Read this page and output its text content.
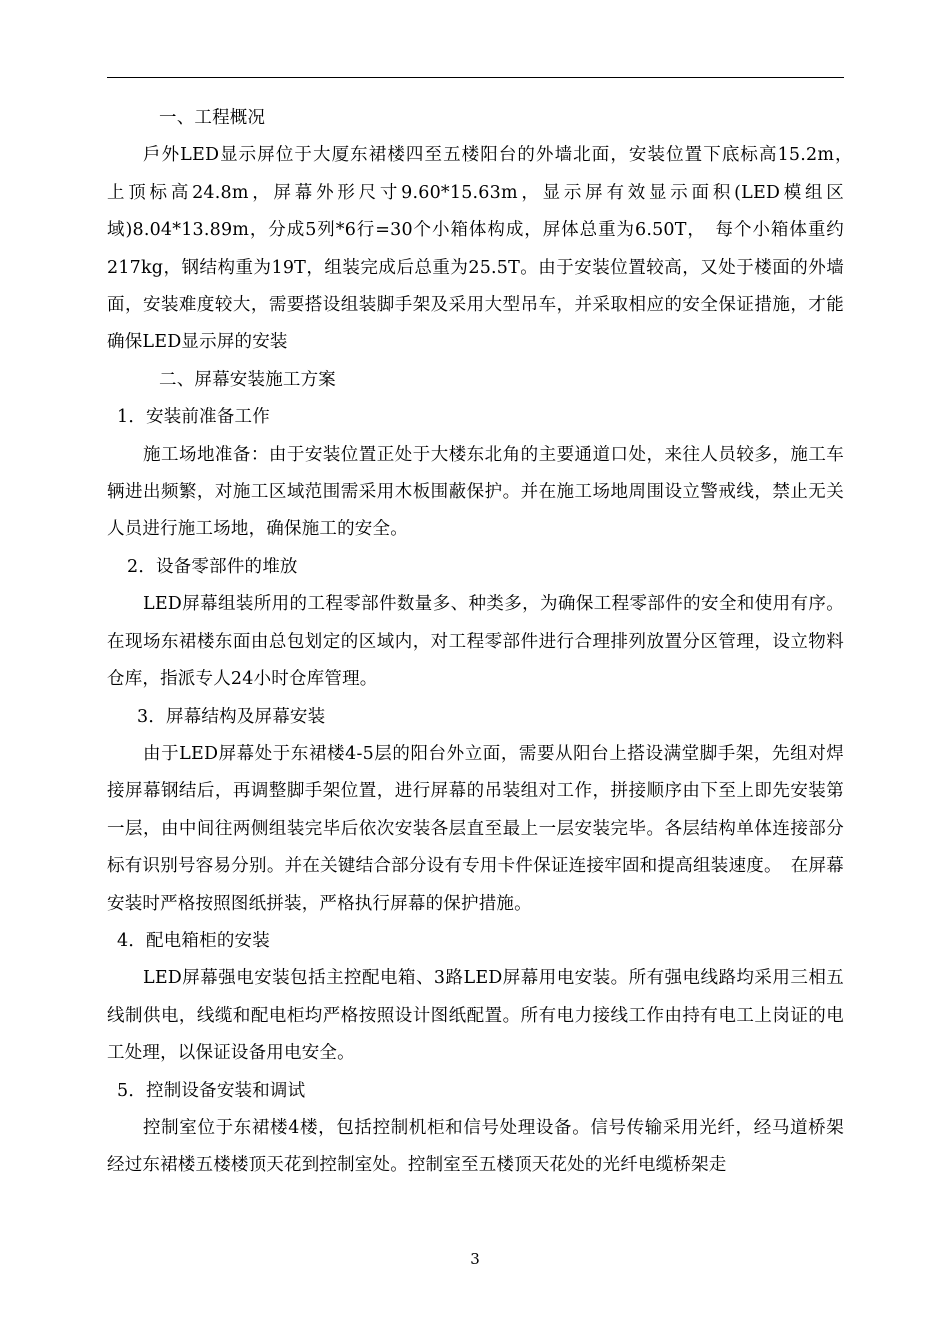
一、工程概况

戶外LED显示屏位于大厦东裙楼四至五楼阳台的外墙北面，安装位置下底标高15.2m，　上顶标高24.8m，屏幕外形尺寸9.60*15.63m，显示屏有效显示面积(LED模组区域)8.04*13.89m，分成5列*6行=30个小箱体构成，屏体总重为6.50T，　每个小箱体重约217kg，钢结构重为19T，组装完成后总重为25.5T。由于安装位置较高，又处于楼面的外墙面，安装难度较大，需要搭设组装脚手架及采用大型吊车，并采取相应的安全保证措施，才能确保LED显示屏的安装

二、屏幕安装施工方案

1．安装前准备工作

施工场地准备：由于安装位置正处于大楼东北角的主要通道口处，来往人员较多，施工车辆进出频繁，对施工区域范围需采用木板围蔽保护。并在施工场地周围设立警戒线，禁止无关人员进行施工场地，确保施工的安全。

2．设备零部件的堆放

LED屏幕组装所用的工程零部件数量多、种类多，为确保工程零部件的安全和使用有序。在现场东裙楼东面由总包划定的区域内，对工程零部件进行合理排列放置分区管理，设立物料仓库，指派专人24小时仓库管理。

3．屏幕结构及屏幕安装

由于LED屏幕处于东裙楼4-5层的阳台外立面，需要从阳台上搭设满堂脚手架，先组对焊接屏幕钢结后，再调整脚手架位置，进行屏幕的吊装组对工作，拼接顺序由下至上即先安装第一层，由中间往两侧组装完毕后依次安装各层直至最上一层安装完毕。各层结构单体连接部分标有识别号容易分别。并在关键结合部分设有专用卡件保证连接牢固和提高组装速度。　在屏幕安装时严格按照图纸拼装，严格执行屏幕的保护措施。

4．配电箱柜的安装

LED屏幕强电安装包括主控配电箱、3路LED屏幕用电安装。所有强电线路均采用三相五线制供电，线缆和配电柜均严格按照设计图纸配置。所有电力接线工作由持有电工上岗证的电工处理，以保证设备用电安全。

5．控制设备安装和调试

控制室位于东裙楼4楼，包括控制机柜和信号处理设备。信号传输采用光纤，经马道桥架经过东裙楼五楼楼顶天花到控制室处。控制室至五楼顶天花处的光纤电缆桥架走

3
